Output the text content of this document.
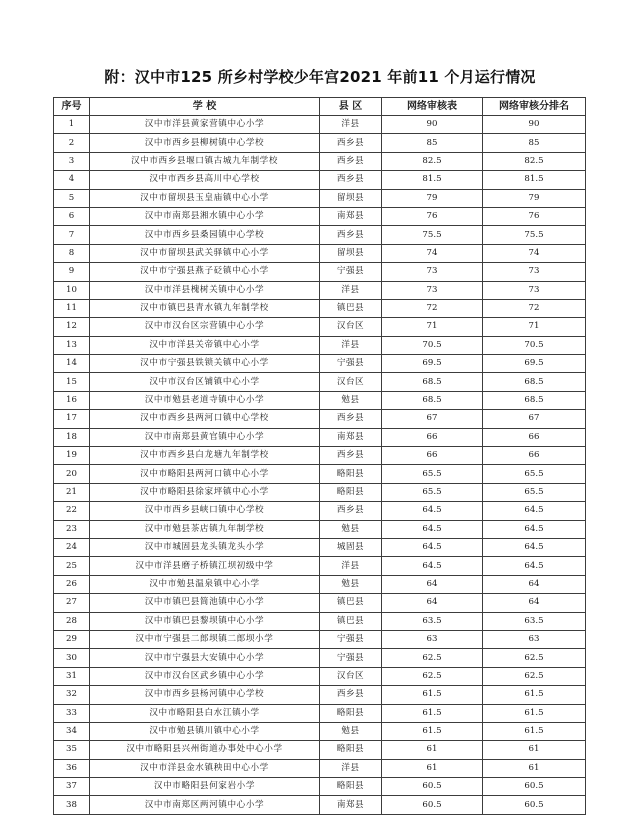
附：汉中市125 所乡村学校少年宫2021 年前11 个月运行情况
序号	学 校	县 区	网络审核表	网络审核分排名
1	汉中市洋县黄家营镇中心小学	洋县	90	90
2	汉中市西乡县柳树镇中心学校	西乡县	85	85
3	汉中市西乡县堰口镇古城九年制学校	西乡县	82.5	82.5
4	汉中市西乡县高川中心学校	西乡县	81.5	81.5
5	汉中市留坝县玉皇庙镇中心小学	留坝县	79	79
6	汉中市南郑县湘水镇中心小学	南郑县	76	76
7	汉中市西乡县桑园镇中心学校	西乡县	75.5	75.5
8	汉中市留坝县武关驿镇中心小学	留坝县	74	74
9	汉中市宁强县燕子砭镇中心小学	宁强县	73	73
10	汉中市洋县槐树关镇中心小学	洋县	73	73
11	汉中市镇巴县青水镇九年制学校	镇巴县	72	72
12	汉中市汉台区宗营镇中心小学	汉台区	71	71
13	汉中市洋县关帝镇中心小学	洋县	70.5	70.5
14	汉中市宁强县铁锁关镇中心小学	宁强县	69.5	69.5
15	汉中市汉台区铺镇中心小学	汉台区	68.5	68.5
16	汉中市勉县老道寺镇中心小学	勉县	68.5	68.5
17	汉中市西乡县两河口镇中心学校	西乡县	67	67
18	汉中市南郑县黄官镇中心小学	南郑县	66	66
19	汉中市西乡县白龙塘九年制学校	西乡县	66	66
20	汉中市略阳县两河口镇中心小学	略阳县	65.5	65.5
21	汉中市略阳县徐家坪镇中心小学	略阳县	65.5	65.5
22	汉中市西乡县峡口镇中心学校	西乡县	64.5	64.5
23	汉中市勉县茶店镇九年制学校	勉县	64.5	64.5
24	汉中市城固县龙头镇龙头小学	城固县	64.5	64.5
25	汉中市洋县磨子桥镇江坝初级中学	洋县	64.5	64.5
26	汉中市勉县温泉镇中心小学	勉县	64	64
27	汉中市镇巴县简池镇中心小学	镇巴县	64	64
28	汉中市镇巴县黎坝镇中心小学	镇巴县	63.5	63.5
29	汉中市宁强县二郎坝镇二郎坝小学	宁强县	63	63
30	汉中市宁强县大安镇中心小学	宁强县	62.5	62.5
31	汉中市汉台区武乡镇中心小学	汉台区	62.5	62.5
32	汉中市西乡县杨河镇中心学校	西乡县	61.5	61.5
33	汉中市略阳县白水江镇小学	略阳县	61.5	61.5
34	汉中市勉县镇川镇中心小学	勉县	61.5	61.5
35	汉中市略阳县兴州街道办事处中心小学	略阳县	61	61
36	汉中市洋县金水镇秧田中心小学	洋县	61	61
37	汉中市略阳县何家岩小学	略阳县	60.5	60.5
38	汉中市南郑区两河镇中心小学	南郑县	60.5	60.5
